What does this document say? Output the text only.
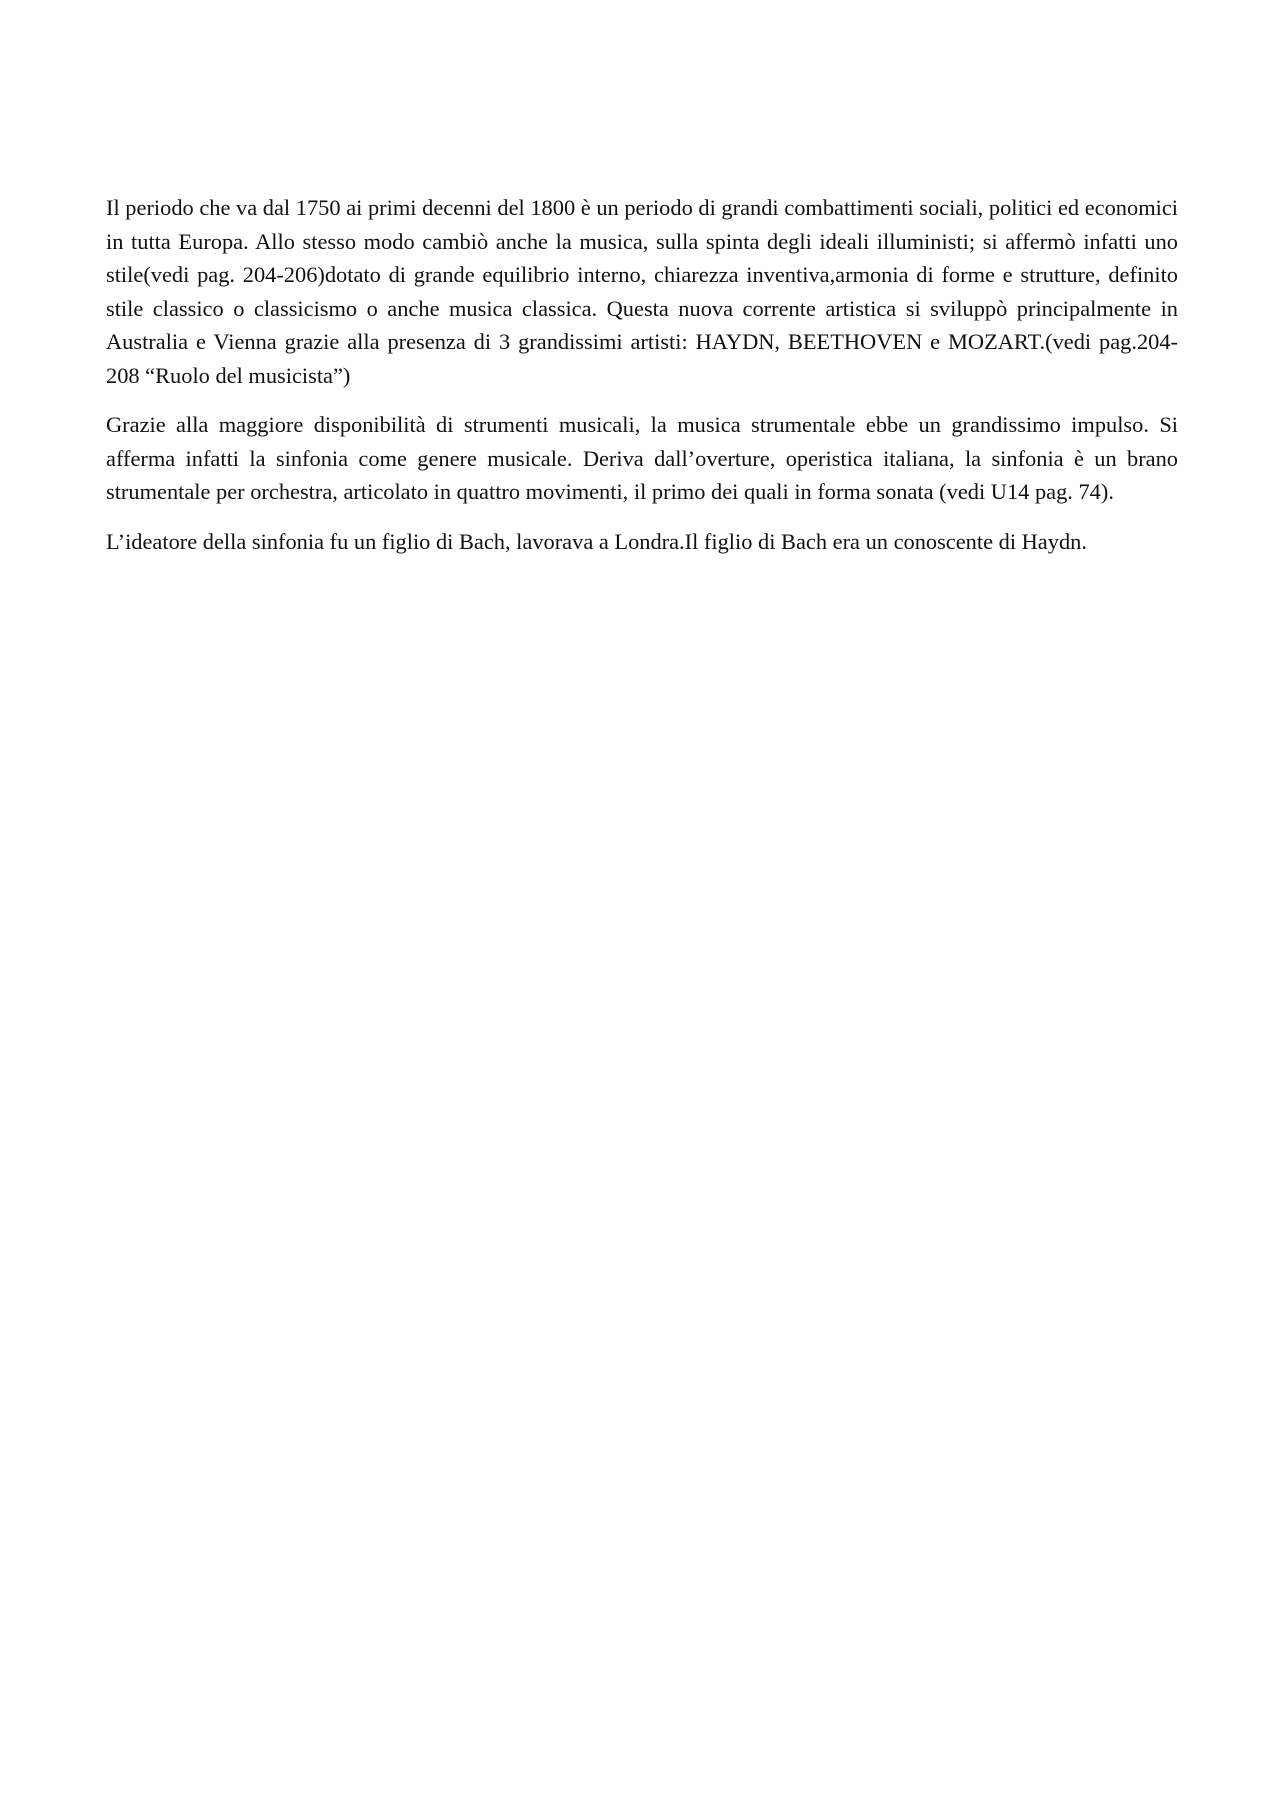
Il periodo che va dal 1750 ai primi decenni del 1800 è un periodo di grandi combattimenti sociali, politici ed economici in tutta Europa. Allo stesso modo cambiò anche la musica, sulla spinta degli ideali illuministi; si affermò infatti uno stile(vedi pag. 204-206)dotato di grande equilibrio interno, chiarezza inventiva,armonia di forme e strutture, definito stile classico o classicismo o anche musica classica. Questa nuova corrente artistica si sviluppò principalmente in Australia e Vienna grazie alla presenza di 3 grandissimi artisti: HAYDN, BEETHOVEN e MOZART.(vedi pag.204-208 “Ruolo del musicista”)

Grazie alla maggiore disponibilità di strumenti musicali, la musica strumentale ebbe un grandissimo impulso. Si afferma infatti la sinfonia come genere musicale. Deriva dall’overture, operistica italiana, la sinfonia è un brano strumentale per orchestra, articolato in quattro movimenti, il primo dei quali in forma sonata (vedi U14 pag. 74).

L’ideatore della sinfonia fu un figlio di Bach, lavorava a Londra.Il figlio di Bach era un conoscente di Haydn.
